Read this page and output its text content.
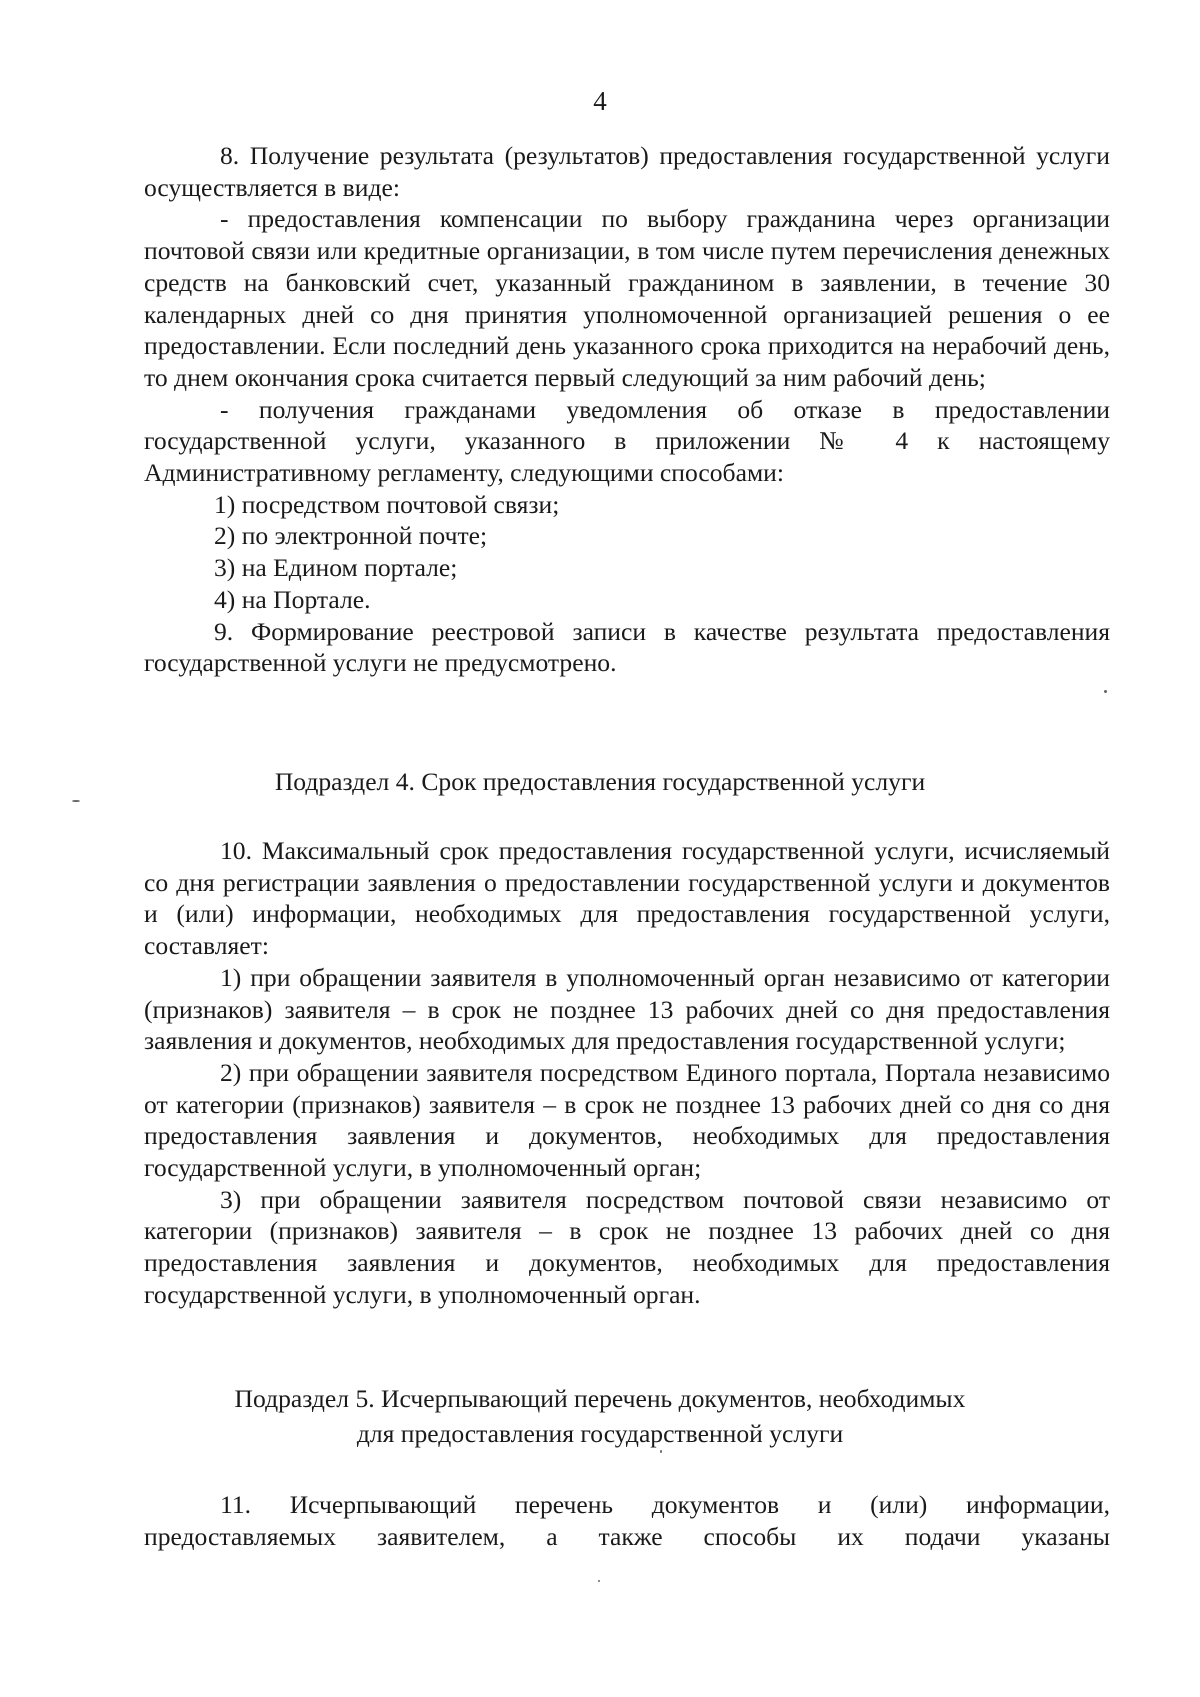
4

8. Получение результата (результатов) предоставления государственной услуги осуществляется в виде:

- предоставления компенсации по выбору гражданина через организации почтовой связи или кредитные организации, в том числе путем перечисления денежных средств на банковский счет, указанный гражданином в заявлении, в течение 30 календарных дней со дня принятия уполномоченной организацией решения о ее предоставлении. Если последний день указанного срока приходится на нерабочий день, то днем окончания срока считается первый следующий за ним рабочий день;

- получения гражданами уведомления об отказе в предоставлении государственной услуги, указанного в приложении № 4 к настоящему Административному регламенту, следующими способами:

1) посредством почтовой связи;

2) по электронной почте;

3) на Едином портале;

4) на Портале.

9. Формирование реестровой записи в качестве результата предоставления государственной услуги не предусмотрено.

Подраздел 4. Срок предоставления государственной услуги

10. Максимальный срок предоставления государственной услуги, исчисляемый со дня регистрации заявления о предоставлении государственной услуги и документов и (или) информации, необходимых для предоставления государственной услуги, составляет:

1) при обращении заявителя в уполномоченный орган независимо от категории (признаков) заявителя – в срок не позднее 13 рабочих дней со дня предоставления заявления и документов, необходимых для предоставления государственной услуги;

2) при обращении заявителя посредством Единого портала, Портала независимо от категории (признаков) заявителя – в срок не позднее 13 рабочих дней со дня со дня предоставления заявления и документов, необходимых для предоставления государственной услуги, в уполномоченный орган;

3) при обращении заявителя посредством почтовой связи независимо от категории (признаков) заявителя – в срок не позднее 13 рабочих дней со дня предоставления заявления и документов, необходимых для предоставления государственной услуги, в уполномоченный орган.

Подраздел 5. Исчерпывающий перечень документов, необходимых

для предоставления государственной услуги

11. Исчерпывающий перечень документов и (или) информации, предоставляемых заявителем, а также способы их подачи указаны
